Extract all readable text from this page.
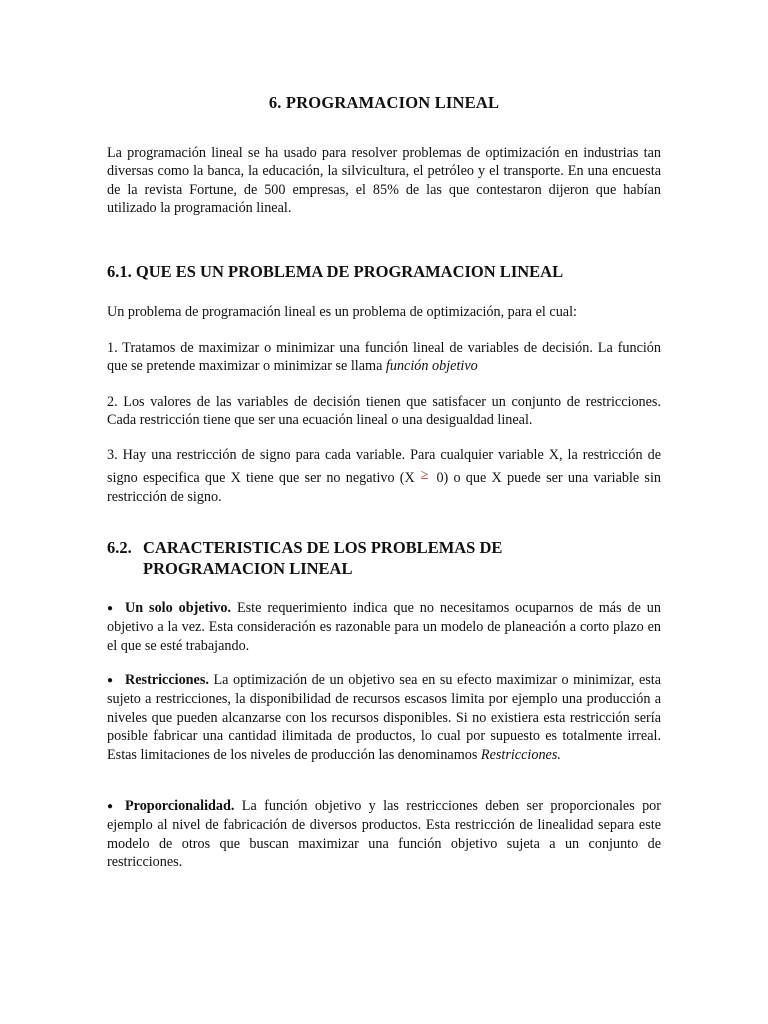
6. PROGRAMACION LINEAL

La programación lineal se ha usado para resolver problemas de optimización en industrias tan diversas como la banca, la educación, la silvicultura, el petróleo y el transporte. En una encuesta de la revista Fortune, de 500 empresas, el 85% de las que contestaron dijeron que habían utilizado la programación lineal.

6.1. QUE ES UN PROBLEMA DE PROGRAMACION LINEAL

Un problema de programación lineal es un problema de optimización, para el cual:

1. Tratamos de maximizar o minimizar una función lineal de variables de decisión. La función que se pretende maximizar o minimizar se llama función objetivo

2. Los valores de las variables de decisión tienen que satisfacer un conjunto de restricciones. Cada restricción tiene que ser una ecuación lineal o una desigualdad lineal.

3. Hay una restricción de signo para cada variable. Para cualquier variable X, la restricción de signo especifica que X tiene que ser no negativo (X ≥ 0) o que X puede ser una variable sin restricción de signo.

6.2. CARACTERISTICAS DE LOS PROBLEMAS DE
PROGRAMACION LINEAL

● Un solo objetivo. Este requerimiento indica que no necesitamos ocuparnos de más de un objetivo a la vez. Esta consideración es razonable para un modelo de planeación a corto plazo en el que se esté trabajando.

● Restricciones. La optimización de un objetivo sea en su efecto maximizar o minimizar, esta sujeto a restricciones, la disponibilidad de recursos escasos limita por ejemplo una producción a niveles que pueden alcanzarse con los recursos disponibles. Si no existiera esta restricción sería posible fabricar una cantidad ilimitada de productos, lo cual por supuesto es totalmente irreal. Estas limitaciones de los niveles de producción las denominamos Restricciones.

● Proporcionalidad. La función objetivo y las restricciones deben ser proporcionales por ejemplo al nivel de fabricación de diversos productos. Esta restricción de linealidad separa este modelo de otros que buscan maximizar una función objetivo sujeta a un conjunto de restricciones.
